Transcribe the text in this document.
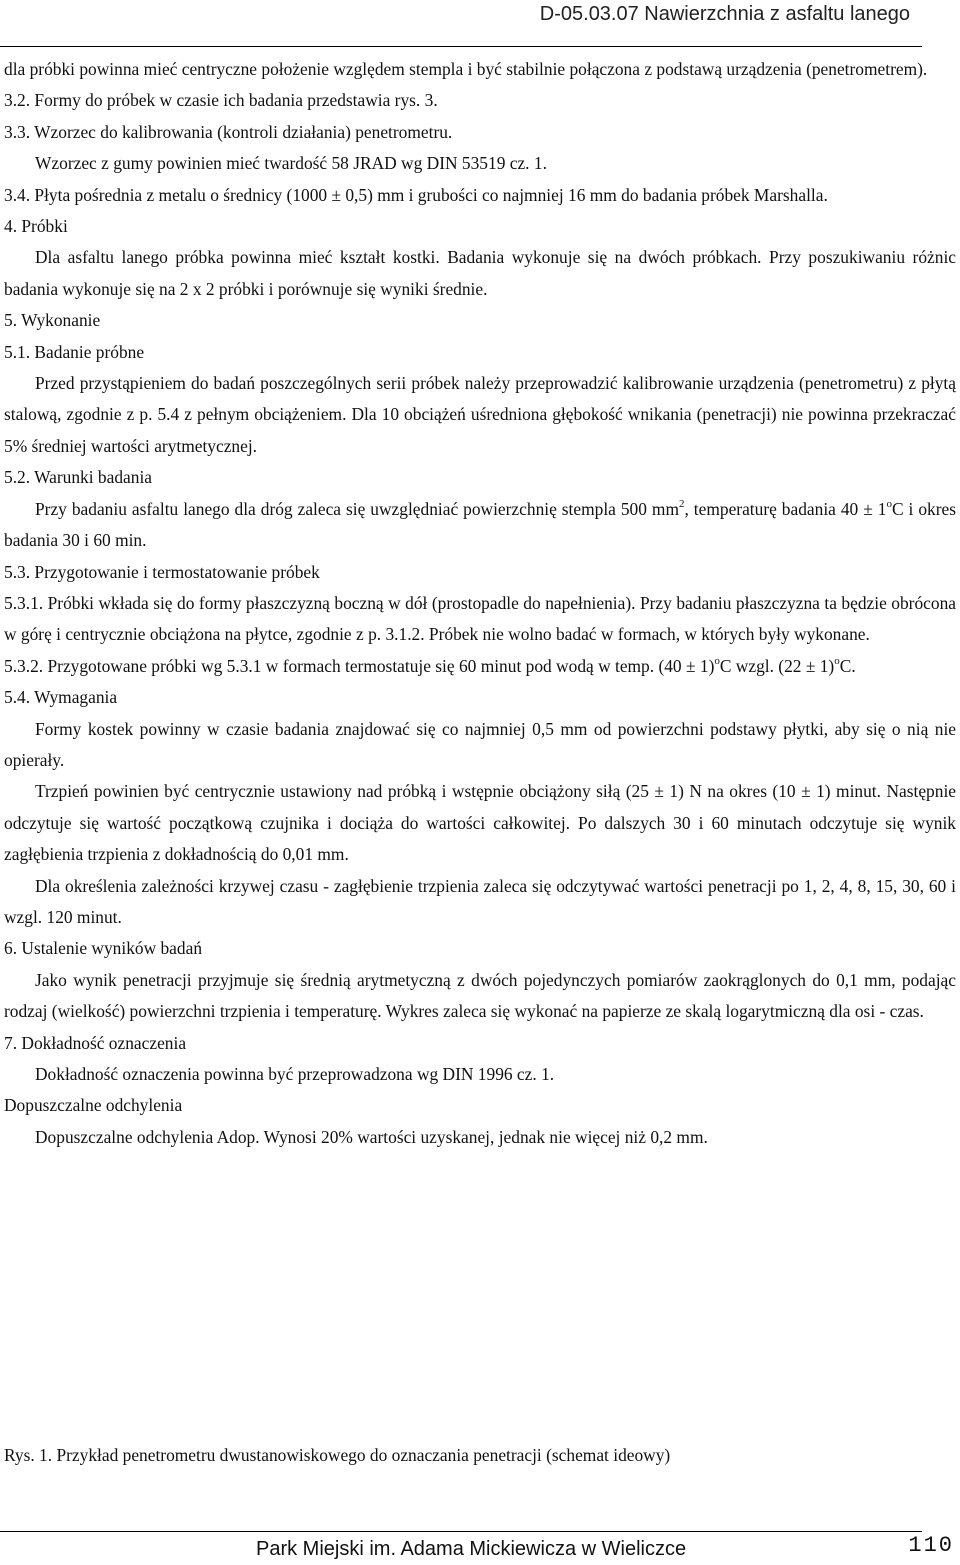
D-05.03.07 Nawierzchnia z asfaltu lanego

dla próbki powinna mieć centryczne położenie względem stempla i być stabilnie połączona z podstawą urządzenia (penetrometrem).

3.2. Formy do próbek w czasie ich badania przedstawia rys. 3.

3.3. Wzorzec do kalibrowania (kontroli działania) penetrometru.

Wzorzec z gumy powinien mieć twardość 58 JRAD wg DIN 53519 cz. 1.

3.4. Płyta pośrednia z metalu o średnicy (1000 ± 0,5) mm i grubości co najmniej 16 mm do badania próbek Marshalla.

4. Próbki

Dla asfaltu lanego próbka powinna mieć kształt kostki. Badania wykonuje się na dwóch próbkach. Przy poszukiwaniu różnic badania wykonuje się na 2 x 2 próbki i porównuje się wyniki średnie.

5. Wykonanie

5.1. Badanie próbne

Przed przystąpieniem do badań poszczególnych serii próbek należy przeprowadzić kalibrowanie urządzenia (penetrometru) z płytą stalową, zgodnie z p. 5.4 z pełnym obciążeniem. Dla 10 obciążeń uśredniona głębokość wnikania (penetracji) nie powinna przekraczać 5% średniej wartości arytmetycznej.

5.2. Warunki badania

Przy badaniu asfaltu lanego dla dróg zaleca się uwzględniać powierzchnię stempla 500 $mm^2$, temperaturę badania $40 \pm 1^oC$ i okres badania 30 i 60 min.

5.3. Przygotowanie i termostatowanie próbek

5.3.1. Próbki wkłada się do formy płaszczyzną boczną w dół (prostopadle do napełnienia). Przy badaniu płaszczyzna ta będzie obrócona w górę i centrycznie obciążona na płytce, zgodnie z p. 3.1.2. Próbek nie wolno badać w formach, w których były wykonane.

5.3.2. Przygotowane próbki wg 5.3.1 w formach termostatuje się 60 minut pod wodą w temp. $(40 \pm 1)^oC$ wzgl. $(22 \pm 1)^oC$.

5.4. Wymagania

Formy kostek powinny w czasie badania znajdować się co najmniej 0,5 mm od powierzchni podstawy płytki, aby się o nią nie opierały.

Trzpień powinien być centrycznie ustawiony nad próbką i wstępnie obciążony siłą (25 ± 1) N na okres (10 ± 1) minut. Następnie odczytuje się wartość początkową czujnika i dociąża do wartości całkowitej. Po dalszych 30 i 60 minutach odczytuje się wynik zagłębienia trzpienia z dokładnością do 0,01 mm.

Dla określenia zależności krzywej czasu - zagłębienie trzpienia zaleca się odczytywać wartości penetracji po 1, 2, 4, 8, 15, 30, 60 i wzgl. 120 minut.

6. Ustalenie wyników badań

Jako wynik penetracji przyjmuje się średnią arytmetyczną z dwóch pojedynczych pomiarów zaokrąglonych do 0,1 mm, podając rodzaj (wielkość) powierzchni trzpienia i temperaturę. Wykres zaleca się wykonać na papierze ze skalą logarytmiczną dla osi - czas.

7. Dokładność oznaczenia

Dokładność oznaczenia powinna być przeprowadzona wg DIN 1996 cz. 1.

Dopuszczalne odchylenia

Dopuszczalne odchylenia Adop. Wynosi 20% wartości uzyskanej, jednak nie więcej niż 0,2 mm.

Rys. 1. Przykład penetrometru dwustanowiskowego do oznaczania penetracji (schemat ideowy)
Park Miejski im. Adama Mickiewicza w Wieliczce	110
